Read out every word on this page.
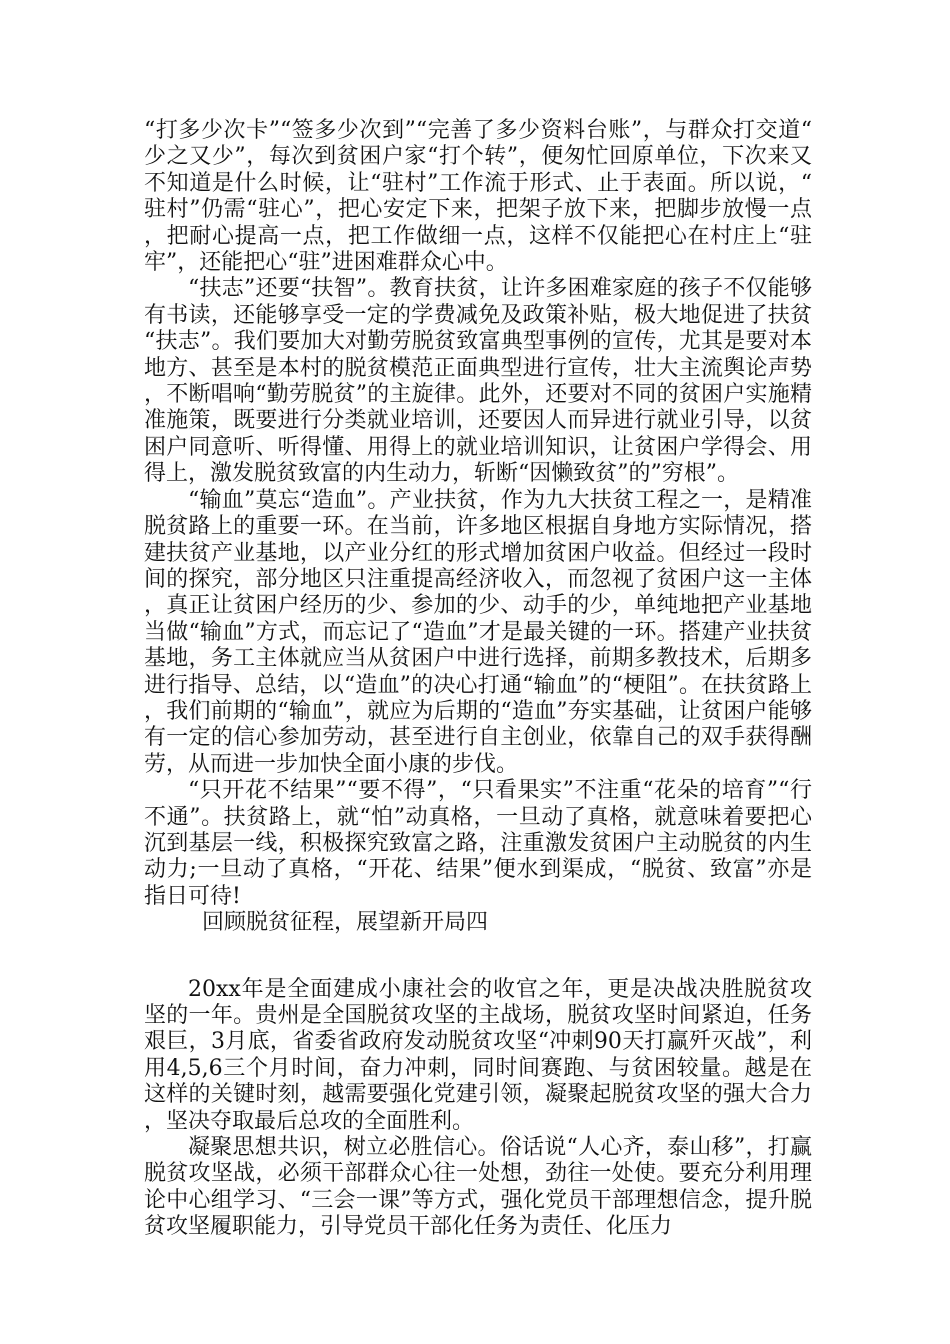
“打多少次卡”“签多少次到”“完善了多少资料台账”，与群众打交道“少之又少”，每次到贫困户家“打个转”，便匆忙回原单位，下次来又不知道是什么时候，让“驻村”工作流于形式、止于表面。所以说，“驻村”仍需“驻心”，把心安定下来，把架子放下来，把脚步放慢一点，把耐心提高一点，把工作做细一点，这样不仅能把心在村庄上“驻牢”，还能把心“驻”进困难群众心中。

“扶志”还要“扶智”。教育扶贫，让许多困难家庭的孩子不仅能够有书读，还能够享受一定的学费减免及政策补贴，极大地促进了扶贫“扶志”。我们要加大对勤劳脱贫致富典型事例的宣传，尤其是要对本地方、甚至是本村的脱贫模范正面典型进行宣传，壮大主流舆论声势，不断唱响“勤劳脱贫”的主旋律。此外，还要对不同的贫困户实施精准施策，既要进行分类就业培训，还要因人而异进行就业引导，以贫困户同意听、听得懂、用得上的就业培训知识，让贫困户学得会、用得上，激发脱贫致富的内生动力，斩断“因懒致贫”的”穷根”。

“输血”莫忘“造血”。产业扶贫，作为九大扶贫工程之一，是精准脱贫路上的重要一环。在当前，许多地区根据自身地方实际情况，搭建扶贫产业基地，以产业分红的形式增加贫困户收益。但经过一段时间的探究，部分地区只注重提高经济收入，而忽视了贫困户这一主体，真正让贫困户经历的少、参加的少、动手的少，单纯地把产业基地当做“输血”方式，而忘记了“造血”才是最关键的一环。搭建产业扶贫基地，务工主体就应当从贫困户中进行选择，前期多教技术，后期多进行指导、总结，以“造血”的决心打通“输血”的“梗阻”。在扶贫路上，我们前期的“输血”，就应为后期的“造血”夯实基础，让贫困户能够有一定的信心参加劳动，甚至进行自主创业，依靠自己的双手获得酬劳，从而进一步加快全面小康的步伐。

“只开花不结果”“要不得”，“只看果实”不注重“花朵的培育”“行不通”。扶贫路上，就“怕”动真格，一旦动了真格，就意味着要把心沉到基层一线，积极探究致富之路，注重激发贫困户主动脱贫的内生动力;一旦动了真格，“开花、结果”便水到渠成，“脱贫、致富”亦是指日可待!

回顾脱贫征程，展望新开局四

20xx年是全面建成小康社会的收官之年，更是决战决胜脱贫攻坚的一年。贵州是全国脱贫攻坚的主战场，脱贫攻坚时间紧迫，任务艰巨，3月底，省委省政府发动脱贫攻坚“冲刺90天打赢歼灭战”，利用4,5,6三个月时间，奋力冲刺，同时间赛跑、与贫困较量。越是在这样的关键时刻，越需要强化党建引领，凝聚起脱贫攻坚的强大合力，坚决夺取最后总攻的全面胜利。

凝聚思想共识，树立必胜信心。俗话说“人心齐，泰山移”，打赢脱贫攻坚战，必须干部群众心往一处想，劲往一处使。要充分利用理论中心组学习、“三会一课”等方式，强化党员干部理想信念，提升脱贫攻坚履职能力，引导党员干部化任务为责任、化压力
